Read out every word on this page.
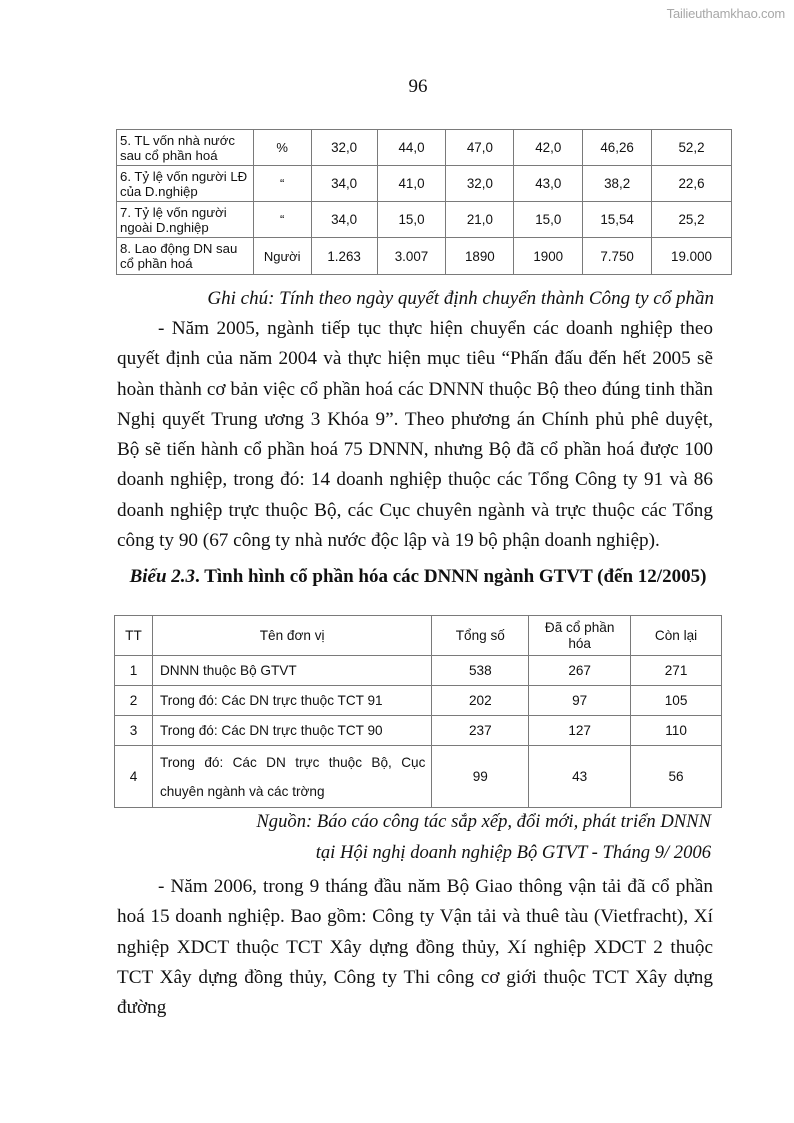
Tailieuthamkhao.com
96
5. TL vốn nhà nước sau cổ phần hoá	%	32,0	44,0	47,0	42,0	46,26	52,2
6. Tỷ lệ vốn người LĐ của D.nghiệp	“	34,0	41,0	32,0	43,0	38,2	22,6
7. Tỷ lệ vốn người ngoài D.nghiệp	“	34,0	15,0	21,0	15,0	15,54	25,2
8. Lao động DN sau cổ phần hoá	Người	1.263	3.007	1890	1900	7.750	19.000
Ghi chú: Tính theo ngày quyết định chuyển thành Công ty cổ phần

- Năm 2005, ngành tiếp tục thực hiện chuyển các doanh nghiệp theo quyết định của năm 2004 và thực hiện mục tiêu “Phấn đấu đến hết 2005 sẽ hoàn thành cơ bản việc cổ phần hoá các DNNN thuộc Bộ theo đúng tinh thần Nghị quyết Trung ương 3 Khóa 9”. Theo phương án Chính phủ phê duyệt, Bộ sẽ tiến hành cổ phần hoá 75 DNNN, nhưng Bộ đã cổ phần hoá được 100 doanh nghiệp, trong đó: 14 doanh nghiệp thuộc các Tổng Công ty 91 và 86 doanh nghiệp trực thuộc Bộ, các Cục chuyên ngành và trực thuộc các Tổng công ty 90 (67 công ty nhà nước độc lập và 19 bộ phận doanh nghiệp).

Biểu 2.3. Tình hình cổ phần hóa các DNNN ngành GTVT (đến 12/2005)
TT	Tên đơn vị	Tổng số	Đã cổ phần hóa	Còn lại
1	DNNN thuộc Bộ GTVT	538	267	271
2	Trong đó: Các DN trực thuộc TCT 91	202	97	105
3	Trong đó: Các DN trực thuộc TCT 90	237	127	110
4	Trong đó: Các DN trực thuộc Bộ, Cục chuyên ngành và các trờng	99	43	56
Nguồn: Báo cáo công tác sắp xếp, đổi mới, phát triển DNNN
tại Hội nghị doanh nghiệp Bộ GTVT - Tháng 9/ 2006

- Năm 2006, trong 9 tháng đầu năm Bộ Giao thông vận tải đã cổ phần hoá 15 doanh nghiệp. Bao gồm: Công ty Vận tải và thuê tàu (Vietfracht), Xí nghiệp XDCT thuộc TCT Xây dựng đồng thủy, Xí nghiệp XDCT 2 thuộc TCT Xây dựng đồng thủy, Công ty Thi công cơ giới thuộc TCT Xây dựng đường
